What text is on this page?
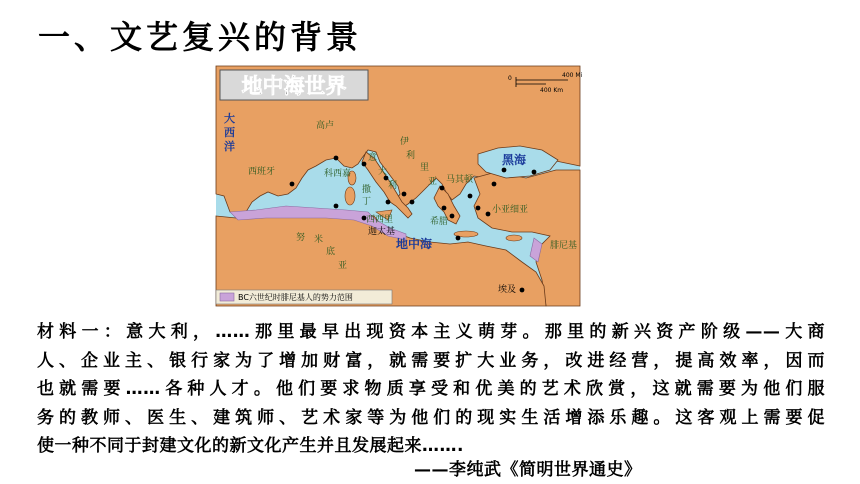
一、文艺复兴的背景
地中海世界	0	400 Mi
400 Km
大
西
洋
高卢
西班牙
伊
利
里
亚
意
大
利
科西嘉
撒
丁
西西里
迦太基
努 米
底
亚
马其顿
黑海
小亚细亚
希腊
地中海	腓尼基
埃及
BC六世纪时腓尼基人的势力范围
材料一：意大利，……那里最早出现资本主义萌芽。那里的新兴资产阶级——大商
人、企业主、银行家为了增加财富，就需要扩大业务，改进经营，提高效率，因而
也就需要……各种人才。他们要求物质享受和优美的艺术欣赏，这就需要为他们服
务的教师、医生、建筑师、艺术家等为他们的现实生活增添乐趣。这客观上需要促
使一种不同于封建文化的新文化产生并且发展起来…….
——李纯武《简明世界通史》
